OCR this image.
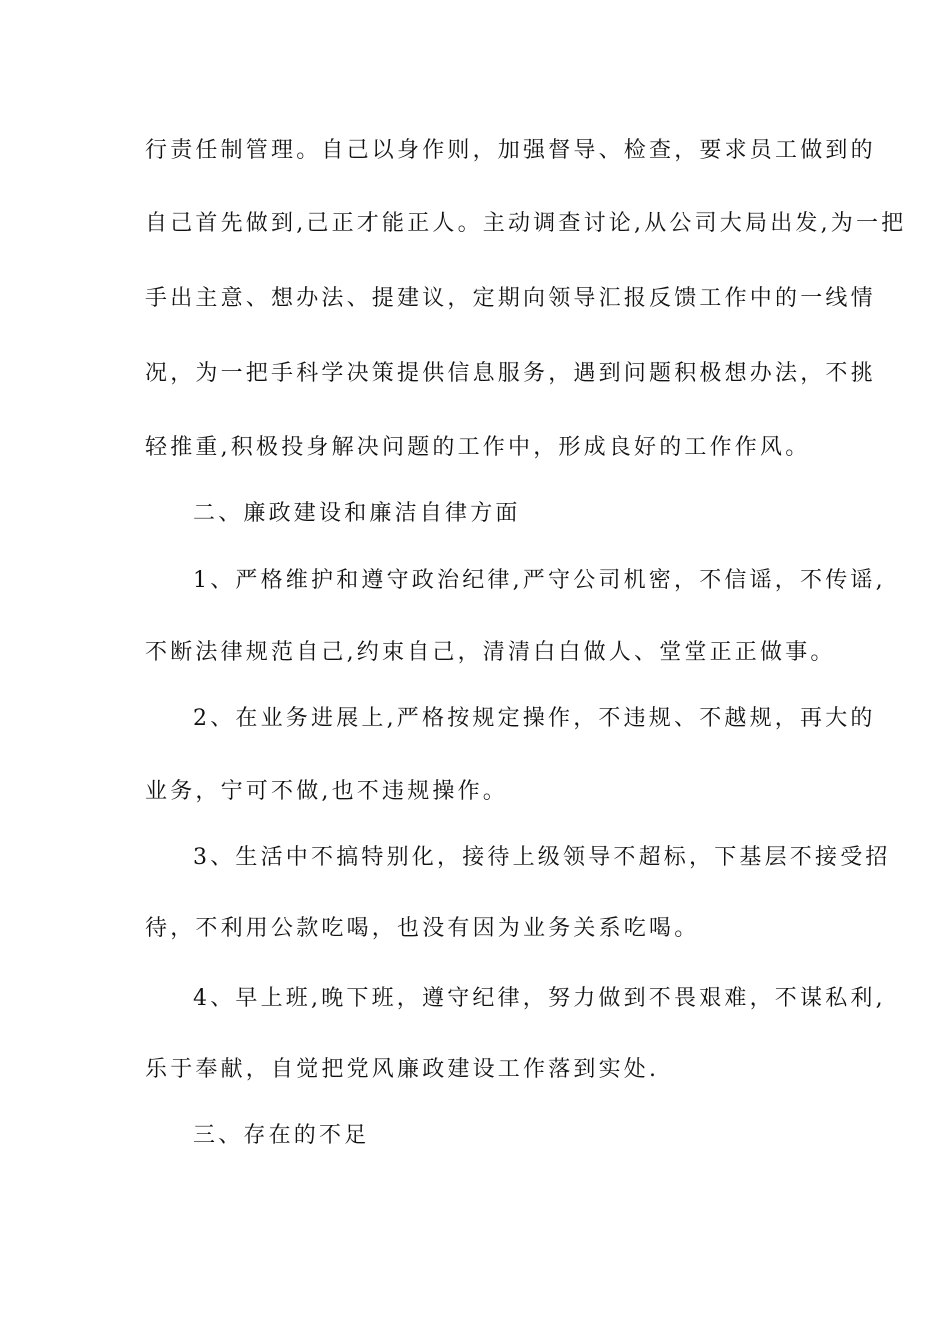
行责任制管理。自己以身作则，加强督导、检查，要求员工做到的
自己首先做到,己正才能正人。主动调查讨论,从公司大局出发,为一把
手出主意、想办法、提建议，定期向领导汇报反馈工作中的一线情
况，为一把手科学决策提供信息服务，遇到问题积极想办法，不挑
轻推重,积极投身解决问题的工作中，形成良好的工作作风。
二、廉政建设和廉洁自律方面
1、严格维护和遵守政治纪律,严守公司机密，不信谣，不传谣,
不断法律规范自己,约束自己，清清白白做人、堂堂正正做事。
2、在业务进展上,严格按规定操作，不违规、不越规，再大的
业务，宁可不做,也不违规操作。
3、生活中不搞特别化，接待上级领导不超标，下基层不接受招
待，不利用公款吃喝，也没有因为业务关系吃喝。
4、早上班,晚下班，遵守纪律，努力做到不畏艰难，不谋私利,
乐于奉献，自觉把党风廉政建设工作落到实处.
三、存在的不足
